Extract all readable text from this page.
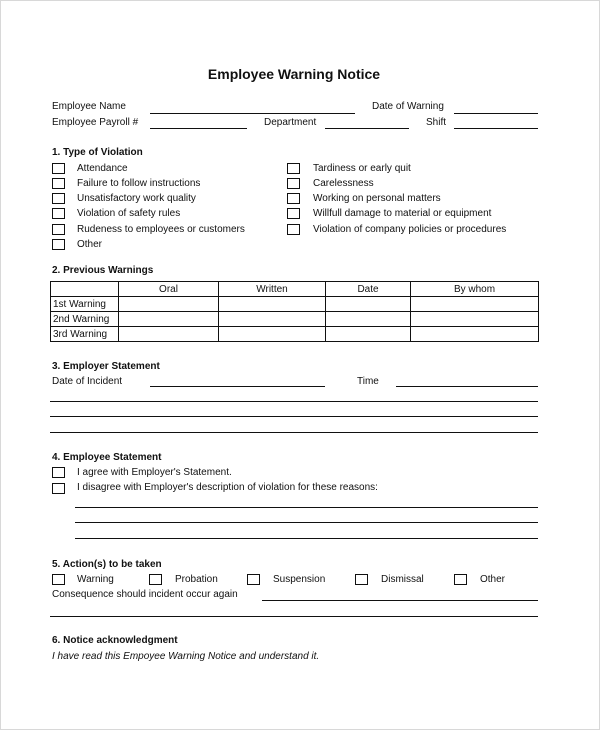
Employee Warning Notice
Employee Name	Date of Warning
Employee Payroll #	Department	Shift
1. Type of Violation
Attendance
Failure to follow instructions
Unsatisfactory work quality
Violation of safety rules
Rudeness to employees or customers
Other
Tardiness or early quit
Carelessness
Working on personal matters
Willfull damage to material or equipment
Violation of company policies or procedures
2. Previous Warnings
	Oral	Written	Date	By whom
1st Warning				
2nd Warning				
3rd Warning				
3. Employer Statement
Date of Incident	Time
4. Employee Statement
I agree with Employer's Statement.
I disagree with Employer's description of violation for these reasons:
5. Action(s) to be taken
Warning	Probation	Suspension	Dismissal	Other
Consequence should incident occur again
6. Notice acknowledgment
I have read this Empoyee Warning Notice and understand it.
